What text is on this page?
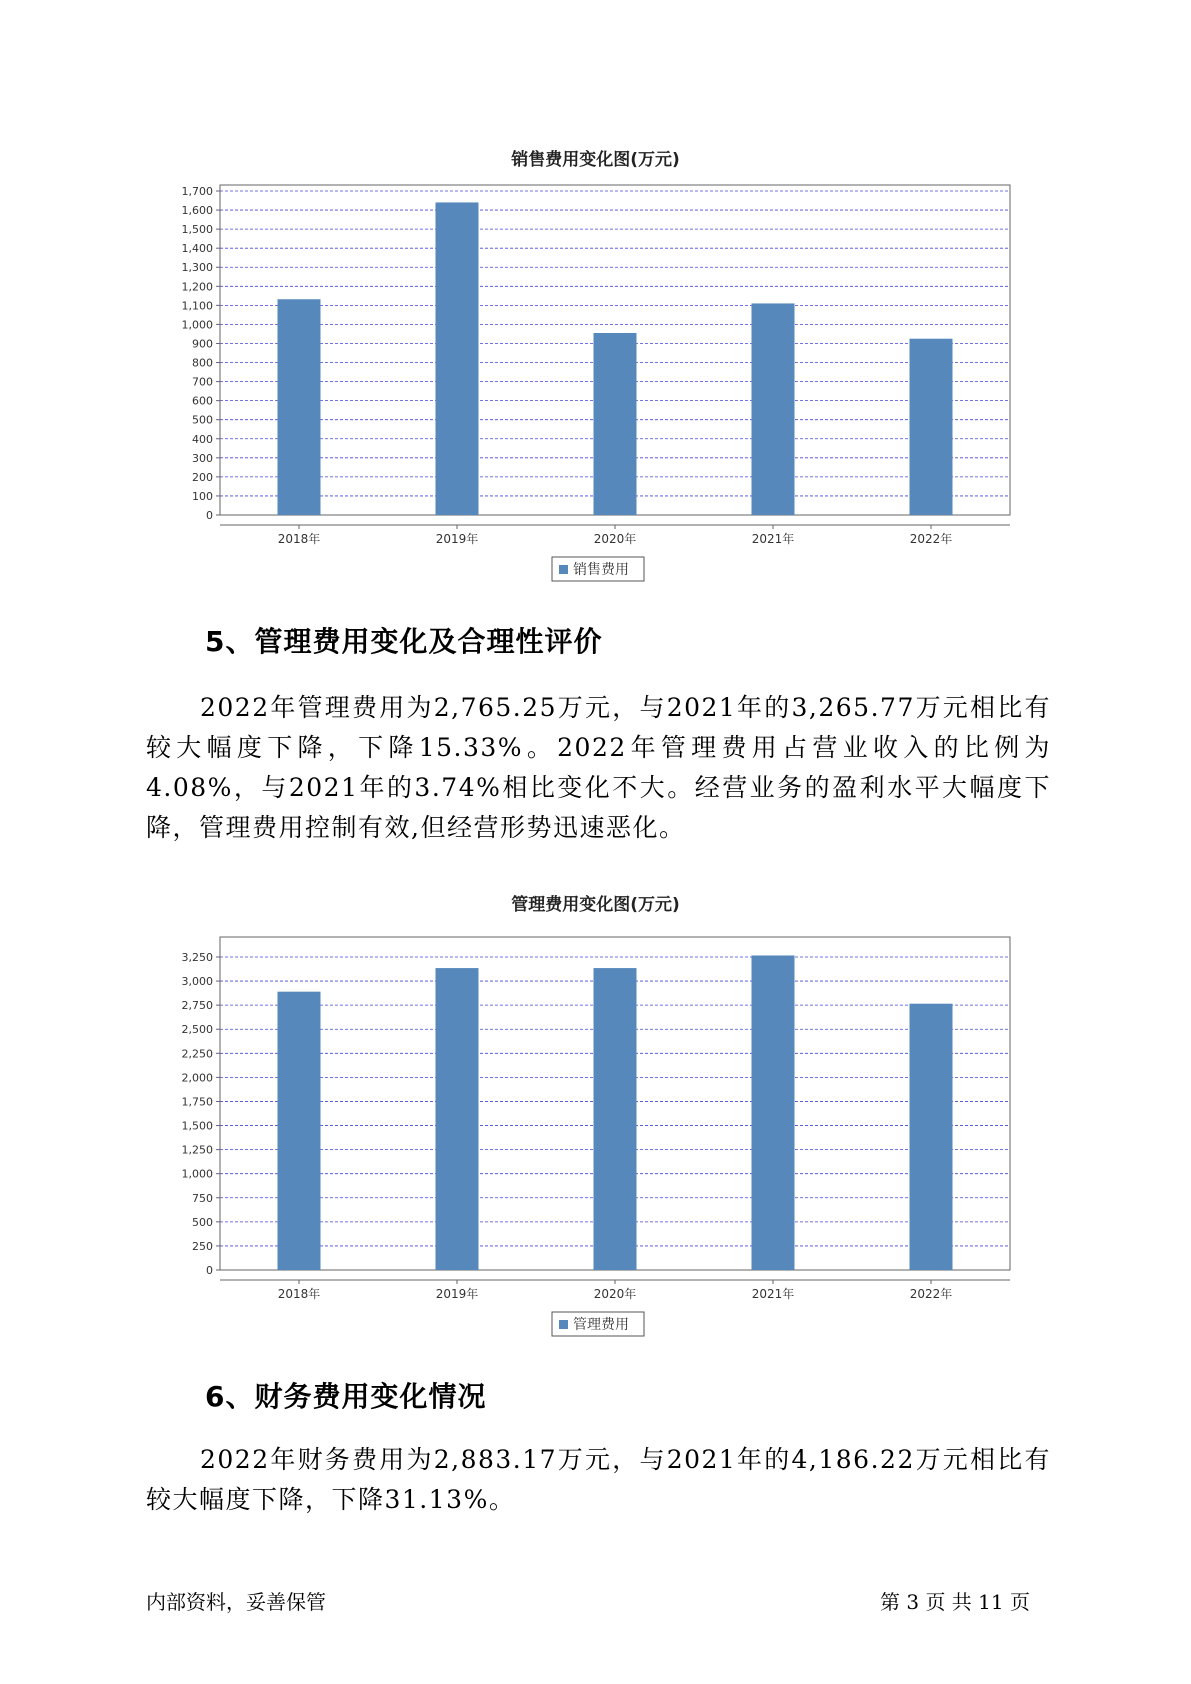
销售费用变化图(万元)
0
100
200
300
400
500
600
700
800
900
1,000
1,100
1,200
1,300
1,400
1,500
1,600
1,700
2018年	2019年	2020年	2021年	2022年
销售费用
5、管理费用变化及合理性评价

2022年管理费用为2,765.25万元，与2021年的3,265.77万元相比有较大幅度下降，下降15.33%。2022年管理费用占营业收入的比例为4.08%，与2021年的3.74%相比变化不大。经营业务的盈利水平大幅度下降，管理费用控制有效,但经营形势迅速恶化。

管理费用变化图(万元)
0
250
500
750
1,000
1,250
1,500
1,750
2,000
2,250
2,500
2,750
3,000
3,250
2018年	2019年	2020年	2021年	2022年
管理费用
6、财务费用变化情况

2022年财务费用为2,883.17万元，与2021年的4,186.22万元相比有较大幅度下降，下降31.13%。

内部资料，妥善保管	第 3 页 共 11 页
